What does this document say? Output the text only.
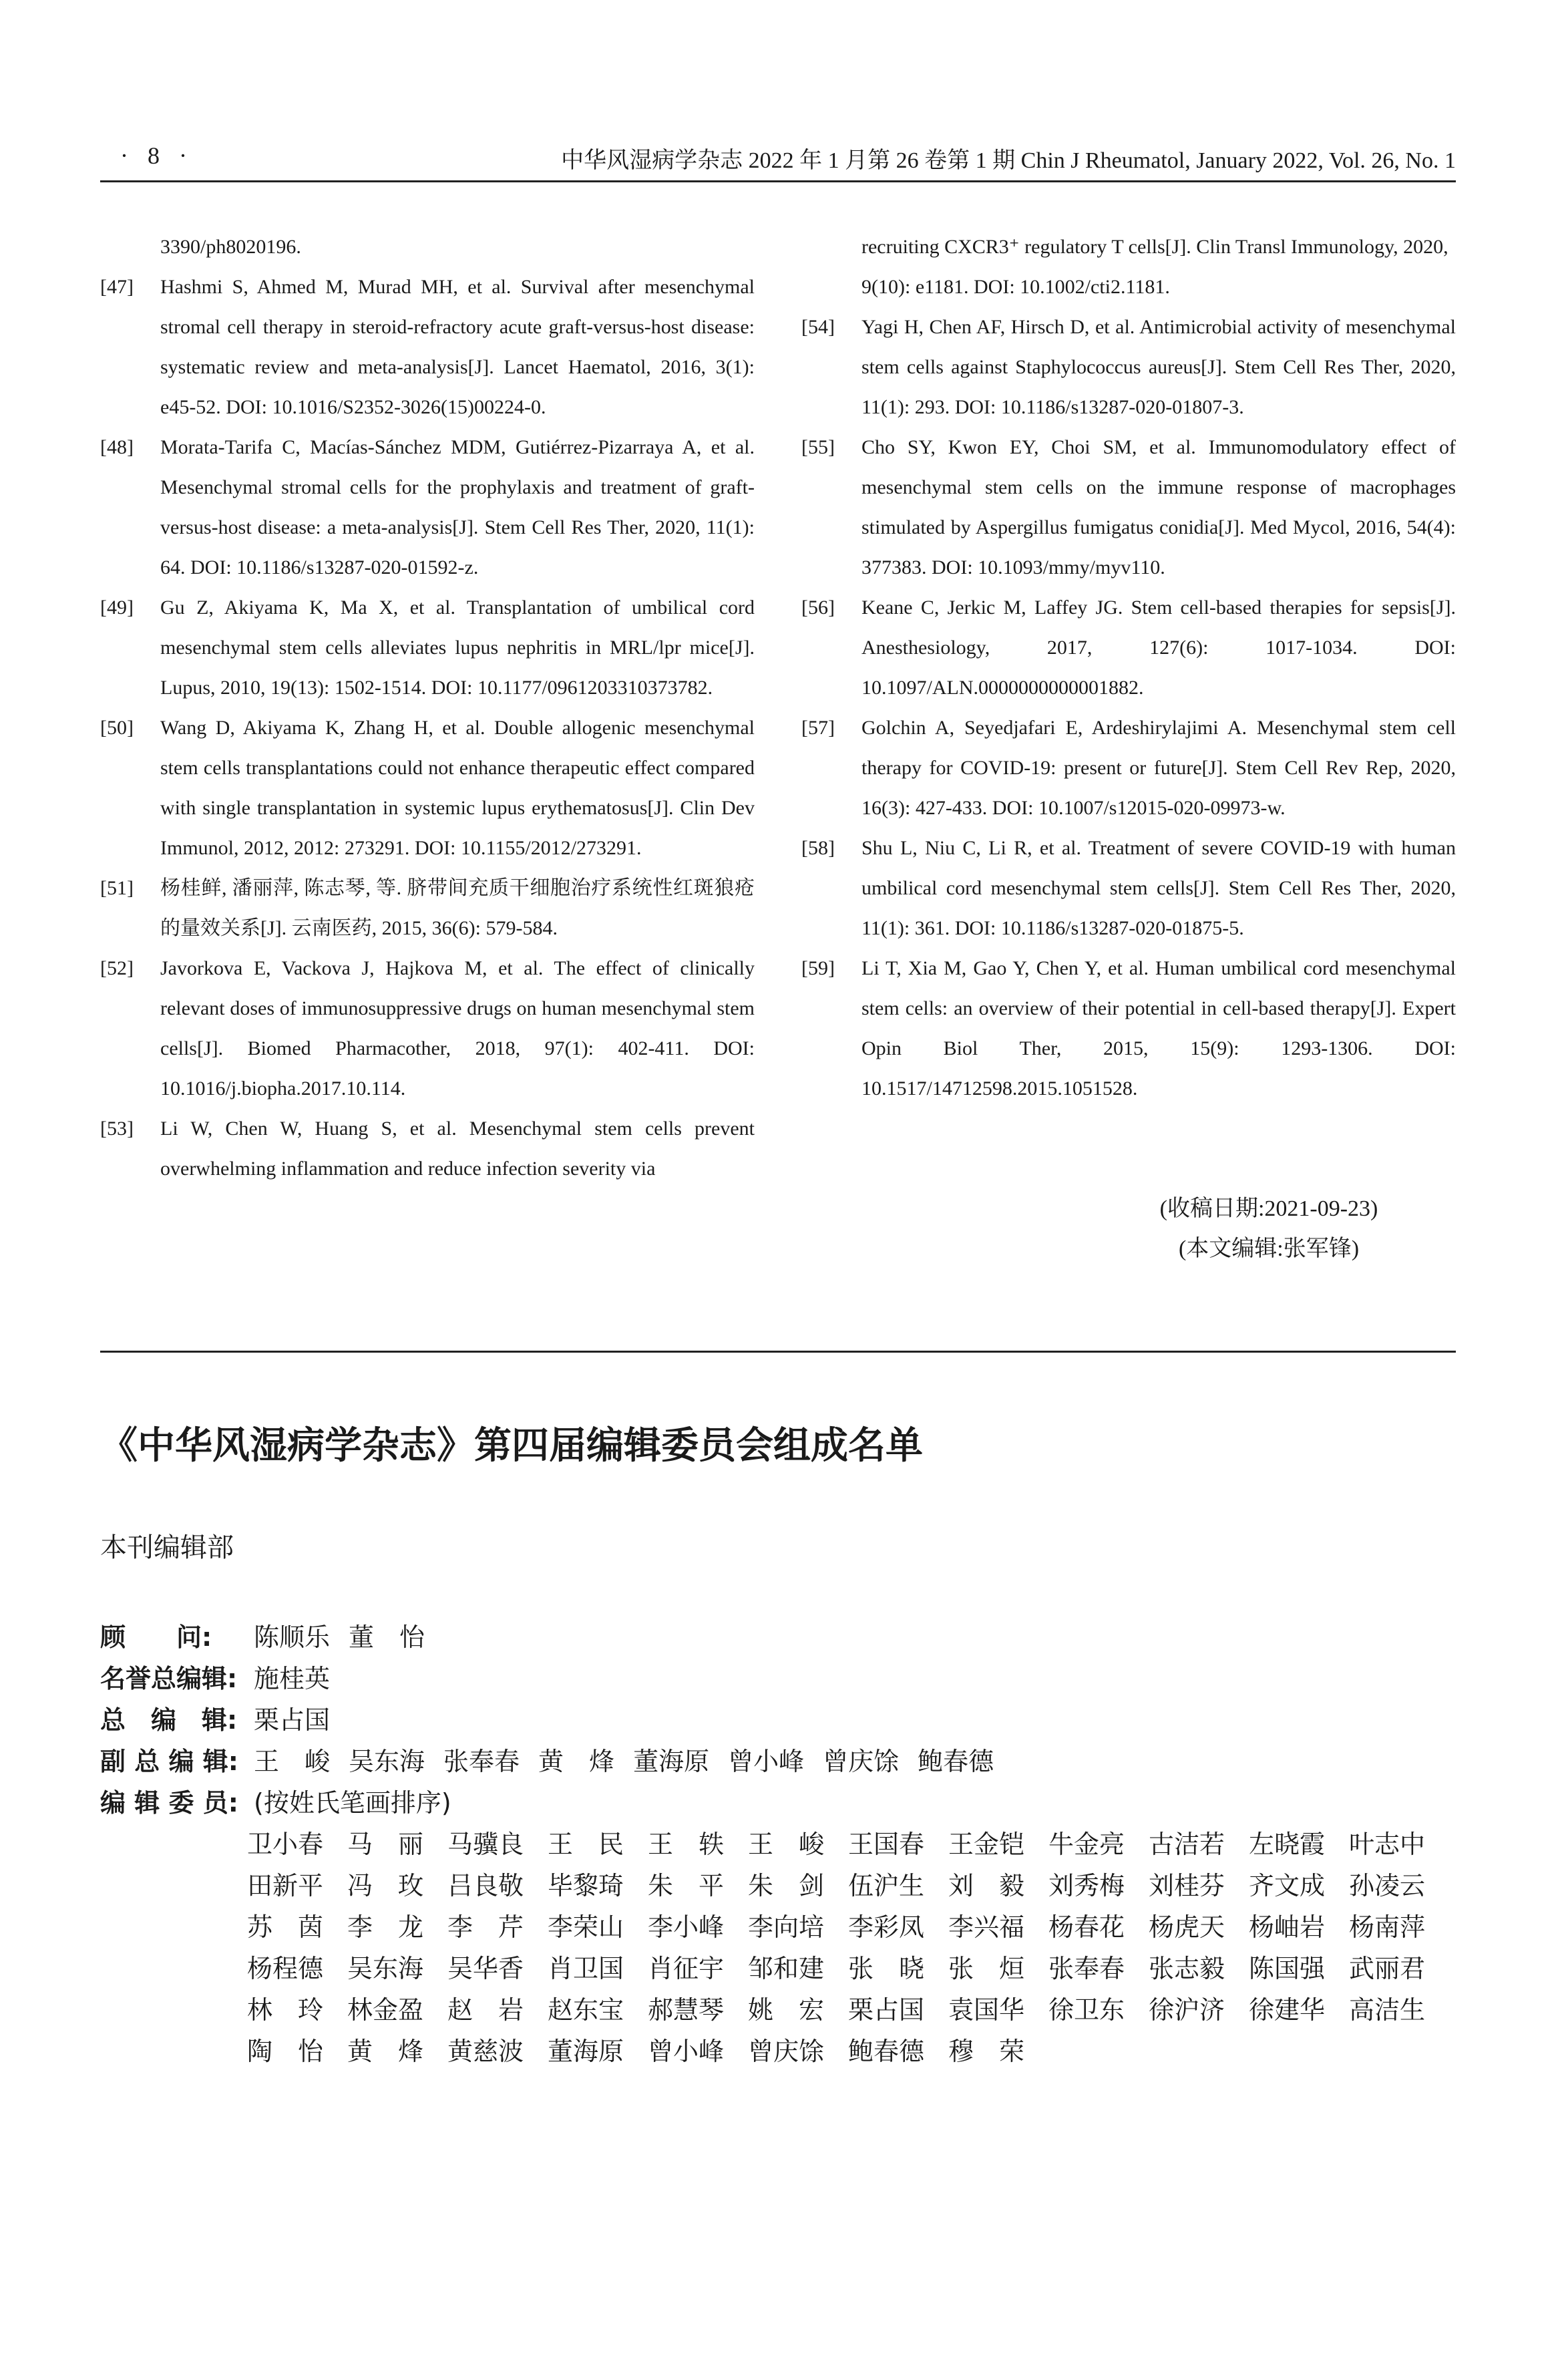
· 8 ·	中华风湿病学杂志 2022 年 1 月第 26 卷第 1 期 Chin J Rheumatol, January 2022, Vol. 26, No. 1
3390/ph8020196.
[47] Hashmi S, Ahmed M, Murad MH, et al. Survival after mesenchymal stromal cell therapy in steroid-refractory acute graft-versus-host disease: systematic review and meta-analysis[J]. Lancet Haematol, 2016, 3(1): e45-52. DOI: 10.1016/S2352-3026(15)00224-0.
[48] Morata-Tarifa C, Macías-Sánchez MDM, Gutiérrez-Pizarraya A, et al. Mesenchymal stromal cells for the prophylaxis and treatment of graft-versus-host disease: a meta-analysis[J]. Stem Cell Res Ther, 2020, 11(1): 64. DOI: 10.1186/s13287-020-01592-z.
[49] Gu Z, Akiyama K, Ma X, et al. Transplantation of umbilical cord mesenchymal stem cells alleviates lupus nephritis in MRL/lpr mice[J]. Lupus, 2010, 19(13): 1502-1514. DOI: 10.1177/0961203310373782.
[50] Wang D, Akiyama K, Zhang H, et al. Double allogenic mesenchymal stem cells transplantations could not enhance therapeutic effect compared with single transplantation in systemic lupus erythematosus[J]. Clin Dev Immunol, 2012, 2012: 273291. DOI: 10.1155/2012/273291.
[51] 杨桂鲜, 潘丽萍, 陈志琴, 等. 脐带间充质干细胞治疗系统性红斑狼疮的量效关系[J]. 云南医药, 2015, 36(6): 579-584.
[52] Javorkova E, Vackova J, Hajkova M, et al. The effect of clinically relevant doses of immunosuppressive drugs on human mesenchymal stem cells[J]. Biomed Pharmacother, 2018, 97(1): 402-411. DOI: 10.1016/j.biopha.2017.10.114.
[53] Li W, Chen W, Huang S, et al. Mesenchymal stem cells prevent overwhelming inflammation and reduce infection severity via
recruiting CXCR3⁺ regulatory T cells[J]. Clin Transl Immunology, 2020, 9(10): e1181. DOI: 10.1002/cti2.1181.
[54] Yagi H, Chen AF, Hirsch D, et al. Antimicrobial activity of mesenchymal stem cells against Staphylococcus aureus[J]. Stem Cell Res Ther, 2020, 11(1): 293. DOI: 10.1186/s13287-020-01807-3.
[55] Cho SY, Kwon EY, Choi SM, et al. Immunomodulatory effect of mesenchymal stem cells on the immune response of macrophages stimulated by Aspergillus fumigatus conidia[J]. Med Mycol, 2016, 54(4): 377383. DOI: 10.1093/mmy/myv110.
[56] Keane C, Jerkic M, Laffey JG. Stem cell-based therapies for sepsis[J]. Anesthesiology, 2017, 127(6): 1017-1034. DOI: 10.1097/ALN.0000000000001882.
[57] Golchin A, Seyedjafari E, Ardeshirylajimi A. Mesenchymal stem cell therapy for COVID-19: present or future[J]. Stem Cell Rev Rep, 2020, 16(3): 427-433. DOI: 10.1007/s12015-020-09973-w.
[58] Shu L, Niu C, Li R, et al. Treatment of severe COVID-19 with human umbilical cord mesenchymal stem cells[J]. Stem Cell Res Ther, 2020, 11(1): 361. DOI: 10.1186/s13287-020-01875-5.
[59] Li T, Xia M, Gao Y, Chen Y, et al. Human umbilical cord mesenchymal stem cells: an overview of their potential in cell-based therapy[J]. Expert Opin Biol Ther, 2015, 15(9): 1293-1306. DOI: 10.1517/14712598.2015.1051528.
(收稿日期:2021-09-23)
(本文编辑:张军锋)
《中华风湿病学杂志》第四届编辑委员会组成名单
本刊编辑部
顾　　问: 陈顺乐 董　怡
名誉总编辑: 施桂英
总　编　辑: 栗占国
副 总 编 辑: 王　峻 吴东海 张奉春 黄　烽 董海原 曾小峰 曾庆馀 鲍春德
编 辑 委 员: (按姓氏笔画排序)
卫小春 马　丽 马骥良 王　民 王　轶 王　峻 王国春 王金铠 牛金亮 古洁若 左晓霞 叶志中
田新平 冯　玫 吕良敬 毕黎琦 朱　平 朱　剑 伍沪生 刘　毅 刘秀梅 刘桂芬 齐文成 孙凌云
苏　茵 李　龙 李　芹 李荣山 李小峰 李向培 李彩凤 李兴福 杨春花 杨虎天 杨岫岩 杨南萍
杨程德 吴东海 吴华香 肖卫国 肖征宇 邹和建 张　晓 张　烜 张奉春 张志毅 陈国强 武丽君
林　玲 林金盈 赵　岩 赵东宝 郝慧琴 姚　宏 栗占国 袁国华 徐卫东 徐沪济 徐建华 高洁生
陶　怡 黄　烽 黄慈波 董海原 曾小峰 曾庆馀 鲍春德 穆　荣
